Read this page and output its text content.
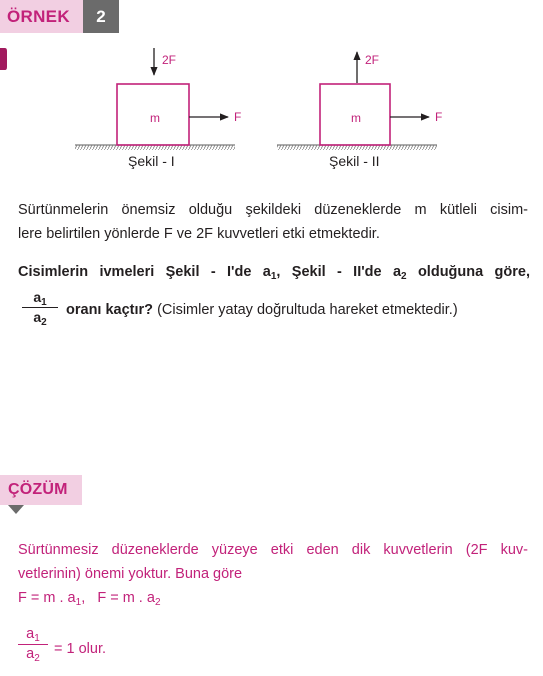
ÖRNEK	2
m
2F
F	m
2F
F
Şekil - I	Şekil - II
Sürtünmelerin önemsiz olduğu şekildeki düzeneklerde m kütleli cisim-
lere belirtilen yönlerde F ve 2F kuvvetleri etki etmektedir.
Cisimlerin ivmeleri Şekil - I'de $a_1$, Şekil - II'de $a_2$ olduğuna göre,
$a_1$
$a_2$
oranı kaçtır? (Cisimler yatay doğrultuda hareket etmektedir.)
ÇÖZÜM
Sürtünmesiz düzeneklerde yüzeye etki eden dik kuvvetlerin (2F kuv-
vetlerinin) önemi yoktur. Buna göre
F = m . $a_1$, F = m . $a_2$
$a_1$
$a_2$
= 1 olur.
